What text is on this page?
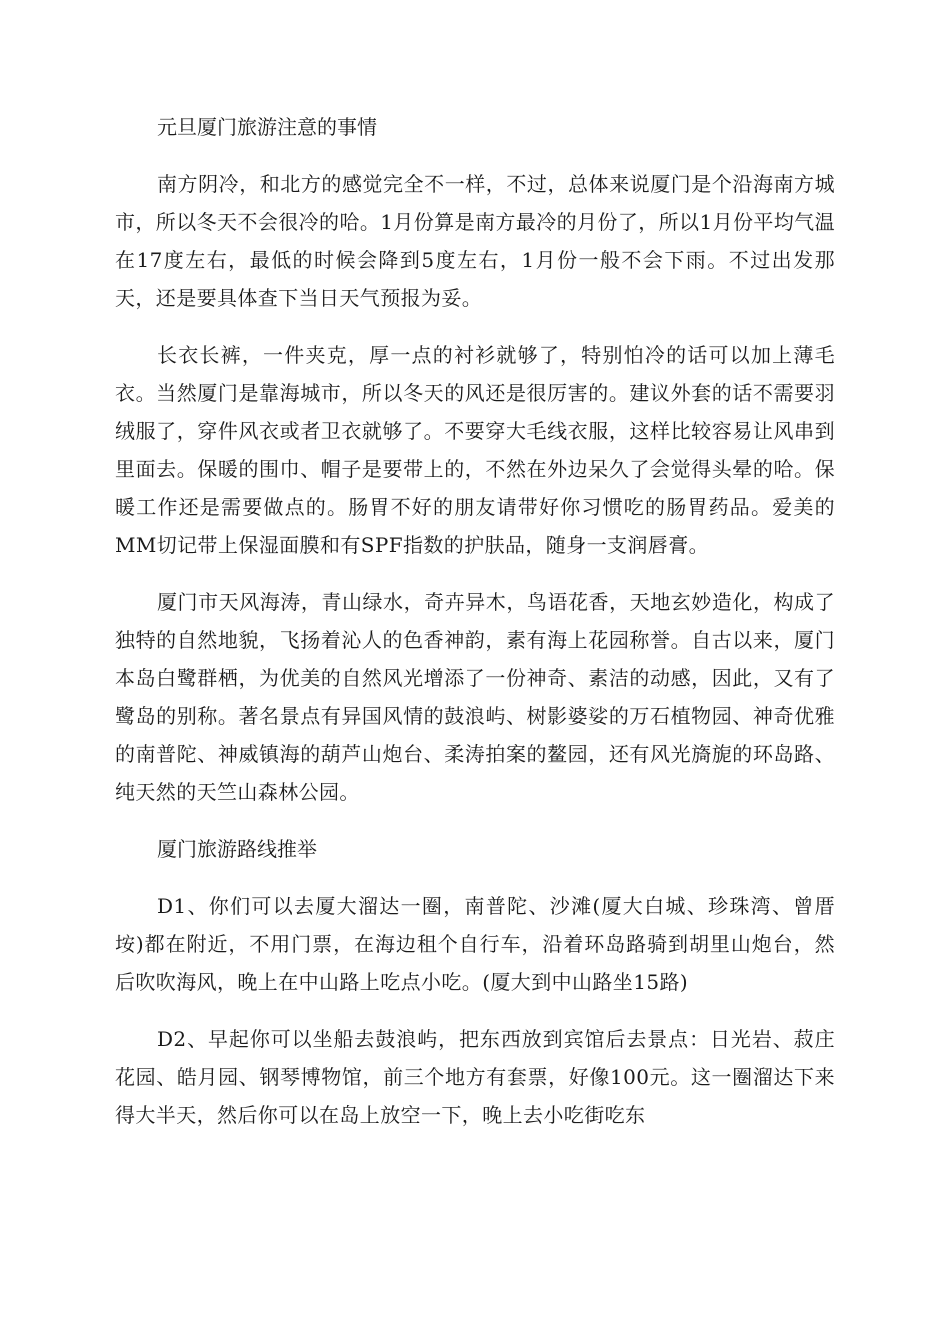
元旦厦门旅游注意的事情

南方阴冷，和北方的感觉完全不一样，不过，总体来说厦门是个沿海南方城市，所以冬天不会很冷的哈。1月份算是南方最冷的月份了，所以1月份平均气温在17度左右，最低的时候会降到5度左右，1月份一般不会下雨。不过出发那天，还是要具体查下当日天气预报为妥。

长衣长裤，一件夹克，厚一点的衬衫就够了，特别怕冷的话可以加上薄毛衣。当然厦门是靠海城市，所以冬天的风还是很厉害的。建议外套的话不需要羽绒服了，穿件风衣或者卫衣就够了。不要穿大毛线衣服，这样比较容易让风串到里面去。保暖的围巾、帽子是要带上的，不然在外边呆久了会觉得头晕的哈。保暖工作还是需要做点的。肠胃不好的朋友请带好你习惯吃的肠胃药品。爱美的MM切记带上保湿面膜和有SPF指数的护肤品，随身一支润唇膏。

厦门市天风海涛，青山绿水，奇卉异木，鸟语花香，天地玄妙造化，构成了独特的自然地貌，飞扬着沁人的色香神韵，素有海上花园称誉。自古以来，厦门本岛白鹭群栖，为优美的自然风光增添了一份神奇、素洁的动感，因此，又有了鹭岛的别称。著名景点有异国风情的鼓浪屿、树影婆娑的万石植物园、神奇优雅的南普陀、神威镇海的葫芦山炮台、柔涛拍案的鳌园，还有风光旖旎的环岛路、纯天然的天竺山森林公园。

厦门旅游路线推举

D1、你们可以去厦大溜达一圈，南普陀、沙滩(厦大白城、珍珠湾、曾厝垵)都在附近，不用门票，在海边租个自行车，沿着环岛路骑到胡里山炮台，然后吹吹海风，晚上在中山路上吃点小吃。(厦大到中山路坐15路)

D2、早起你可以坐船去鼓浪屿，把东西放到宾馆后去景点：日光岩、菽庄花园、皓月园、钢琴博物馆，前三个地方有套票，好像100元。这一圈溜达下来得大半天，然后你可以在岛上放空一下，晚上去小吃街吃东
